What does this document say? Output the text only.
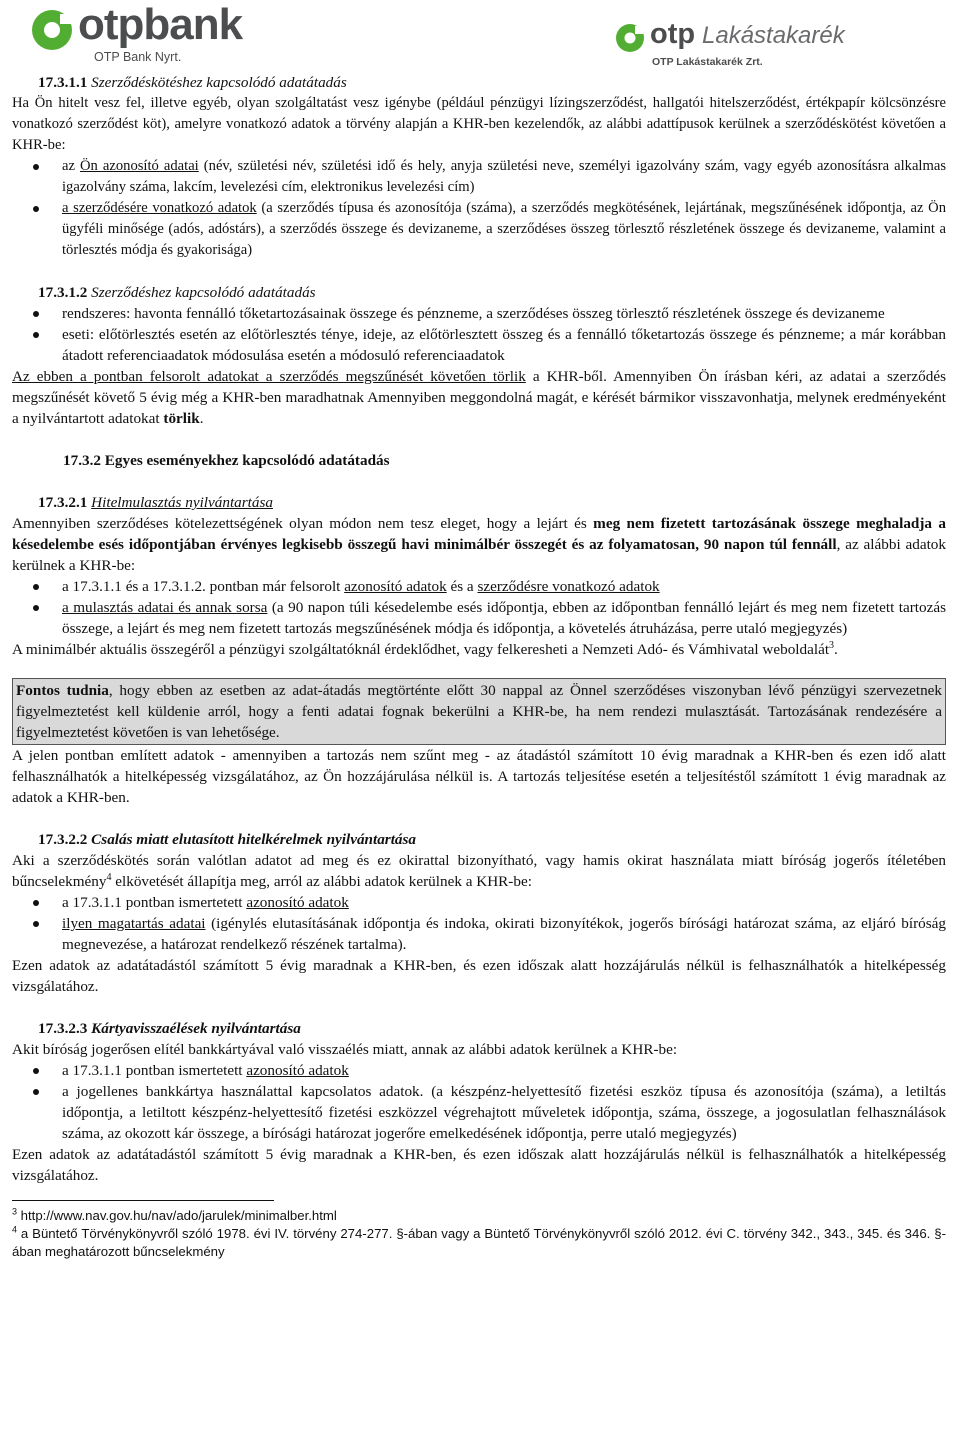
otpbank
OTP Bank Nyrt.
otp Lakástakarék
OTP Lakástakarék Zrt.

17.3.1.1 Szerződéskötéshez kapcsolódó adatátadás

Ha Ön hitelt vesz fel, illetve egyéb, olyan szolgáltatást vesz igénybe (például pénzügyi lízingszerződést, hallgatói hitelszerződést, értékpapír kölcsönzésre vonatkozó szerződést köt), amelyre vonatkozó adatok a törvény alapján a KHR-ben kezelendők, az alábbi adattípusok kerülnek a szerződéskötést követően a KHR-be:

az Ön azonosító adatai (név, születési név, születési idő és hely, anyja születési neve, személyi igazolvány szám, vagy egyéb azonosításra alkalmas igazolvány száma, lakcím, levelezési cím, elektronikus levelezési cím)
a szerződésére vonatkozó adatok (a szerződés típusa és azonosítója (száma), a szerződés megkötésének, lejártának, megszűnésének időpontja, az Ön ügyféli minősége (adós, adóstárs), a szerződés összege és devizaneme, a szerződéses összeg törlesztő részletének összege és devizaneme, valamint a törlesztés módja és gyakorisága)

17.3.1.2 Szerződéshez kapcsolódó adatátadás

rendszeres: havonta fennálló tőketartozásainak összege és pénzneme, a szerződéses összeg törlesztő részletének összege és devizaneme
eseti: előtörlesztés esetén az előtörlesztés ténye, ideje, az előtörlesztett összeg és a fennálló tőketartozás összege és pénzneme; a már korábban átadott referenciaadatok módosulása esetén a módosuló referenciaadatok

Az ebben a pontban felsorolt adatokat a szerződés megszűnését követően törlik a KHR-ből. Amennyiben Ön írásban kéri, az adatai a szerződés megszűnését követő 5 évig még a KHR-ben maradhatnak Amennyiben meggondolná magát, e kérését bármikor visszavonhatja, melynek eredményeként a nyilvántartott adatokat törlik.

17.3.2 Egyes eseményekhez kapcsolódó adatátadás

17.3.2.1 Hitelmulasztás nyilvántartása

Amennyiben szerződéses kötelezettségének olyan módon nem tesz eleget, hogy a lejárt és meg nem fizetett tartozásának összege meghaladja a késedelembe esés időpontjában érvényes legkisebb összegű havi minimálbér összegét és az folyamatosan, 90 napon túl fennáll, az alábbi adatok kerülnek a KHR-be:

a 17.3.1.1 és a 17.3.1.2. pontban már felsorolt azonosító adatok és a szerződésre vonatkozó adatok
a mulasztás adatai és annak sorsa (a 90 napon túli késedelembe esés időpontja, ebben az időpontban fennálló lejárt és meg nem fizetett tartozás összege, a lejárt és meg nem fizetett tartozás megszűnésének módja és időpontja, a követelés átruházása, perre utaló megjegyzés)

A minimálbér aktuális összegéről a pénzügyi szolgáltatóknál érdeklődhet, vagy felkeresheti a Nemzeti Adó- és Vámhivatal weboldalát$^3$.

Fontos tudnia, hogy ebben az esetben az adat-átadás megtörténte előtt 30 nappal az Önnel szerződéses viszonyban lévő pénzügyi szervezetnek figyelmeztetést kell küldenie arról, hogy a fenti adatai fognak bekerülni a KHR-be, ha nem rendezi mulasztását. Tartozásának rendezésére a figyelmeztetést követően is van lehetősége.

A jelen pontban említett adatok - amennyiben a tartozás nem szűnt meg - az átadástól számított 10 évig maradnak a KHR-ben és ezen idő alatt felhasználhatók a hitelképesség vizsgálatához, az Ön hozzájárulása nélkül is. A tartozás teljesítése esetén a teljesítéstől számított 1 évig maradnak az adatok a KHR-ben.

17.3.2.2 Csalás miatt elutasított hitelkérelmek nyilvántartása

Aki a szerződéskötés során valótlan adatot ad meg és ez okirattal bizonyítható, vagy hamis okirat használata miatt bíróság jogerős ítéletében bűncselekmény$^4$ elkövetését állapítja meg, arról az alábbi adatok kerülnek a KHR-be:

a 17.3.1.1 pontban ismertetett azonosító adatok
ilyen magatartás adatai (igénylés elutasításának időpontja és indoka, okirati bizonyítékok, jogerős bírósági határozat száma, az eljáró bíróság megnevezése, a határozat rendelkező részének tartalma).

Ezen adatok az adatátadástól számított 5 évig maradnak a KHR-ben, és ezen időszak alatt hozzájárulás nélkül is felhasználhatók a hitelképesség vizsgálatához.

17.3.2.3 Kártyavisszaélések nyilvántartása

Akit bíróság jogerősen elítél bankkártyával való visszaélés miatt, annak az alábbi adatok kerülnek a KHR-be:

a 17.3.1.1 pontban ismertetett azonosító adatok
a jogellenes bankkártya használattal kapcsolatos adatok. (a készpénz-helyettesítő fizetési eszköz típusa és azonosítója (száma), a letiltás időpontja, a letiltott készpénz-helyettesítő fizetési eszközzel végrehajtott műveletek időpontja, száma, összege, a jogosulatlan felhasználások száma, az okozott kár összege, a bírósági határozat jogerőre emelkedésének időpontja, perre utaló megjegyzés)

Ezen adatok az adatátadástól számított 5 évig maradnak a KHR-ben, és ezen időszak alatt hozzájárulás nélkül is felhasználhatók a hitelképesség vizsgálatához.

$^3$ http://www.nav.gov.hu/nav/ado/jarulek/minimalber.html

$^4$ a Büntető Törvénykönyvről szóló 1978. évi IV. törvény 274-277. §-ában vagy a Büntető Törvénykönyvről szóló 2012. évi C. törvény 342., 343., 345. és 346. §-ában meghatározott bűncselekmény
